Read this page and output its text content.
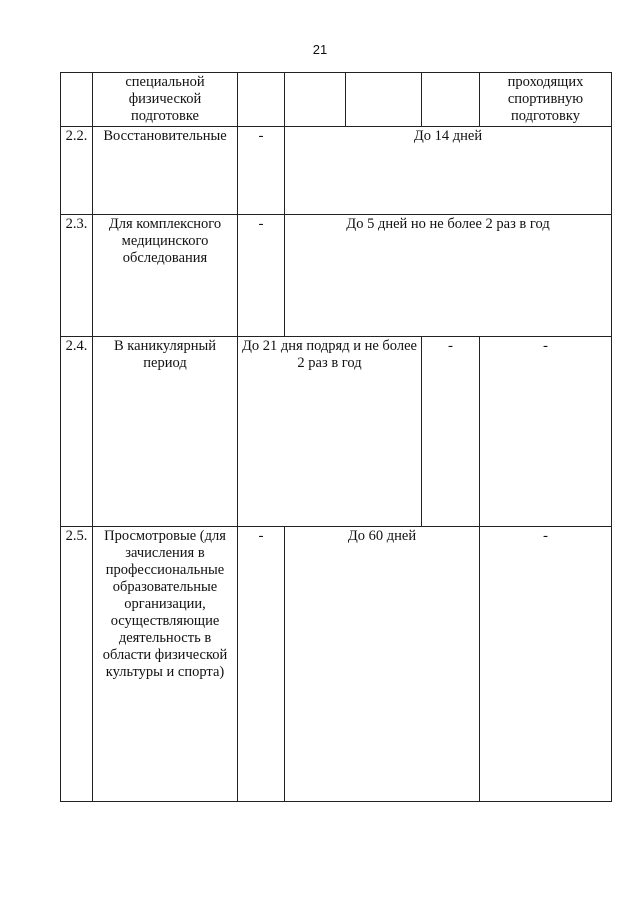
21
	специальной физической подготовке					проходящих спортивную подготовку	
2.2.	Восстановительные	-	До 14 дней	
2.3.	Для комплексного медицинского обследования	-	До 5 дней но не более 2 раз в год	
2.4.	В каникулярный период	До 21 дня подряд и не более 2 раз в год			-	-	
2.5.	Просмотровые (для зачисления в профессиональные образовательные организации, осуществляющие деятельность в области физической культуры и спорта)	-	До 60 дней			-	
